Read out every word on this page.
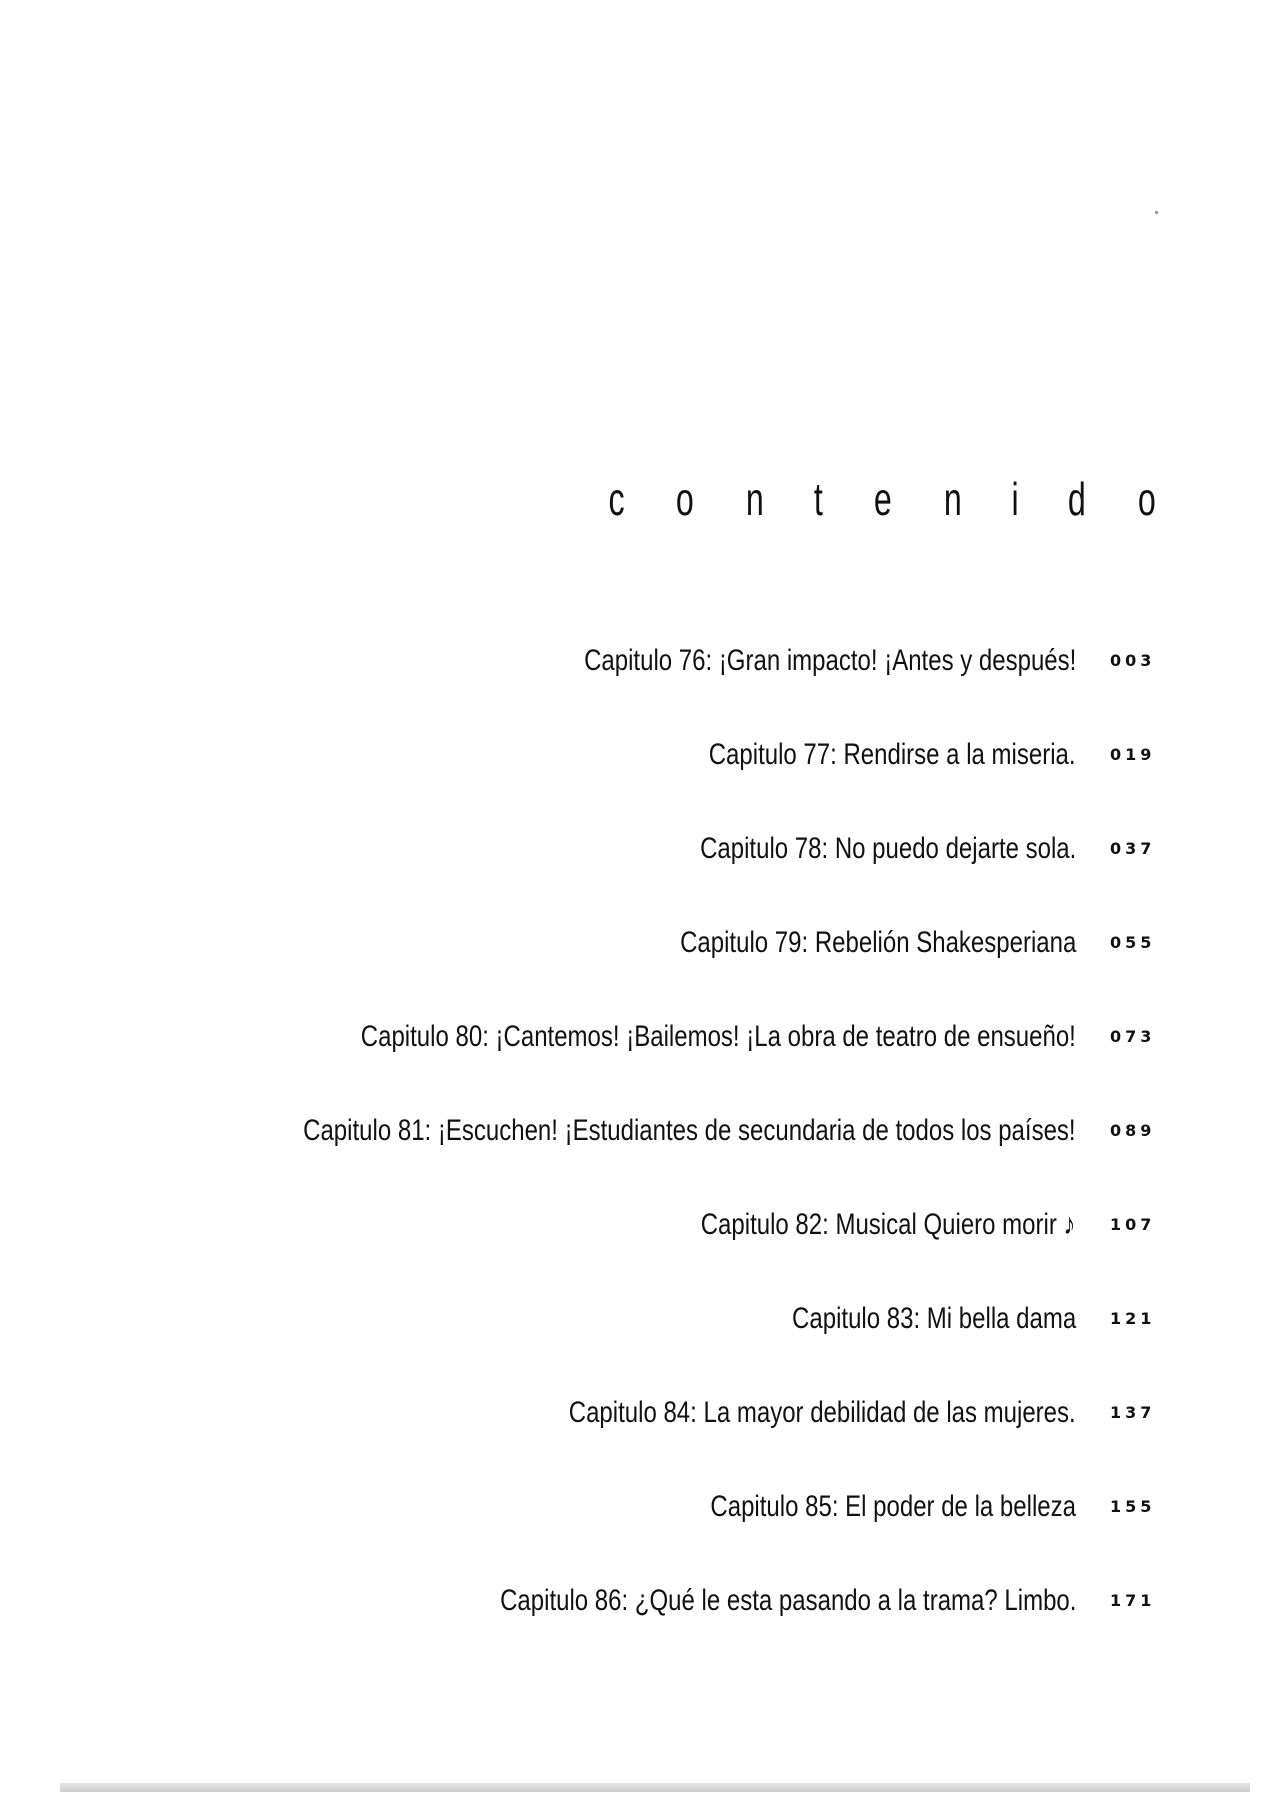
c o n t e n i d o
Capitulo 76: ¡Gran impacto! ¡Antes y después! 003
Capitulo 77: Rendirse a la miseria. 019
Capitulo 78: No puedo dejarte sola. 037
Capitulo 79: Rebelión Shakesperiana 055
Capitulo 80: ¡Cantemos! ¡Bailemos! ¡La obra de teatro de ensueño! 073
Capitulo 81: ¡Escuchen! ¡Estudiantes de secundaria de todos los países! 089
Capitulo 82: Musical Quiero morir ♪ 107
Capitulo 83: Mi bella dama 121
Capitulo 84: La mayor debilidad de las mujeres. 137
Capitulo 85: El poder de la belleza 155
Capitulo 86: ¿Qué le esta pasando a la trama? Limbo. 171
